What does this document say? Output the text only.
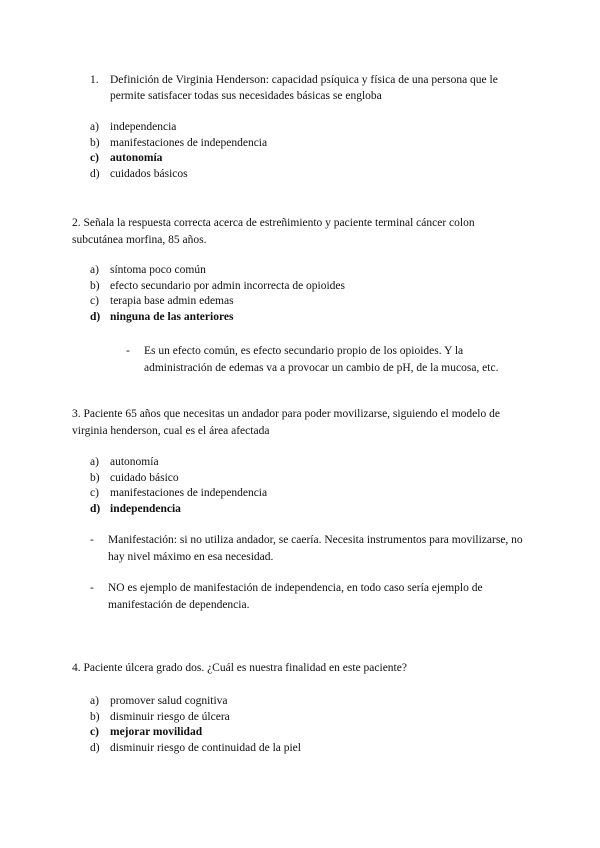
1. Definición de Virginia Henderson: capacidad psíquica y física de una persona que le permite satisfacer todas sus necesidades básicas se engloba
a) independencia
b) manifestaciones de independencia
c) autonomía
d) cuidados básicos
2. Señala la respuesta correcta acerca de estreñimiento y paciente terminal cáncer colon subcutánea morfina, 85 años.
a) síntoma poco común
b) efecto secundario por admin incorrecta de opioides
c) terapia base admin edemas
d) ninguna de las anteriores
-	Es un efecto común, es efecto secundario propio de los opioides. Y la administración de edemas va a provocar un cambio de pH, de la mucosa, etc.
3. Paciente 65 años que necesitas un andador para poder movilizarse, siguiendo el modelo de virginia henderson, cual es el área afectada
a) autonomía
b) cuidado básico
c) manifestaciones de independencia
d) independencia
-	Manifestación: si no utiliza andador, se caería. Necesita instrumentos para movilizarse, no hay nivel máximo en esa necesidad.
-	NO es ejemplo de manifestación de independencia, en todo caso sería ejemplo de manifestación de dependencia.
4. Paciente úlcera grado dos. ¿Cuál es nuestra finalidad en este paciente?
a) promover salud cognitiva
b) disminuir riesgo de úlcera
c) mejorar movilidad
d) disminuir riesgo de continuidad de la piel
